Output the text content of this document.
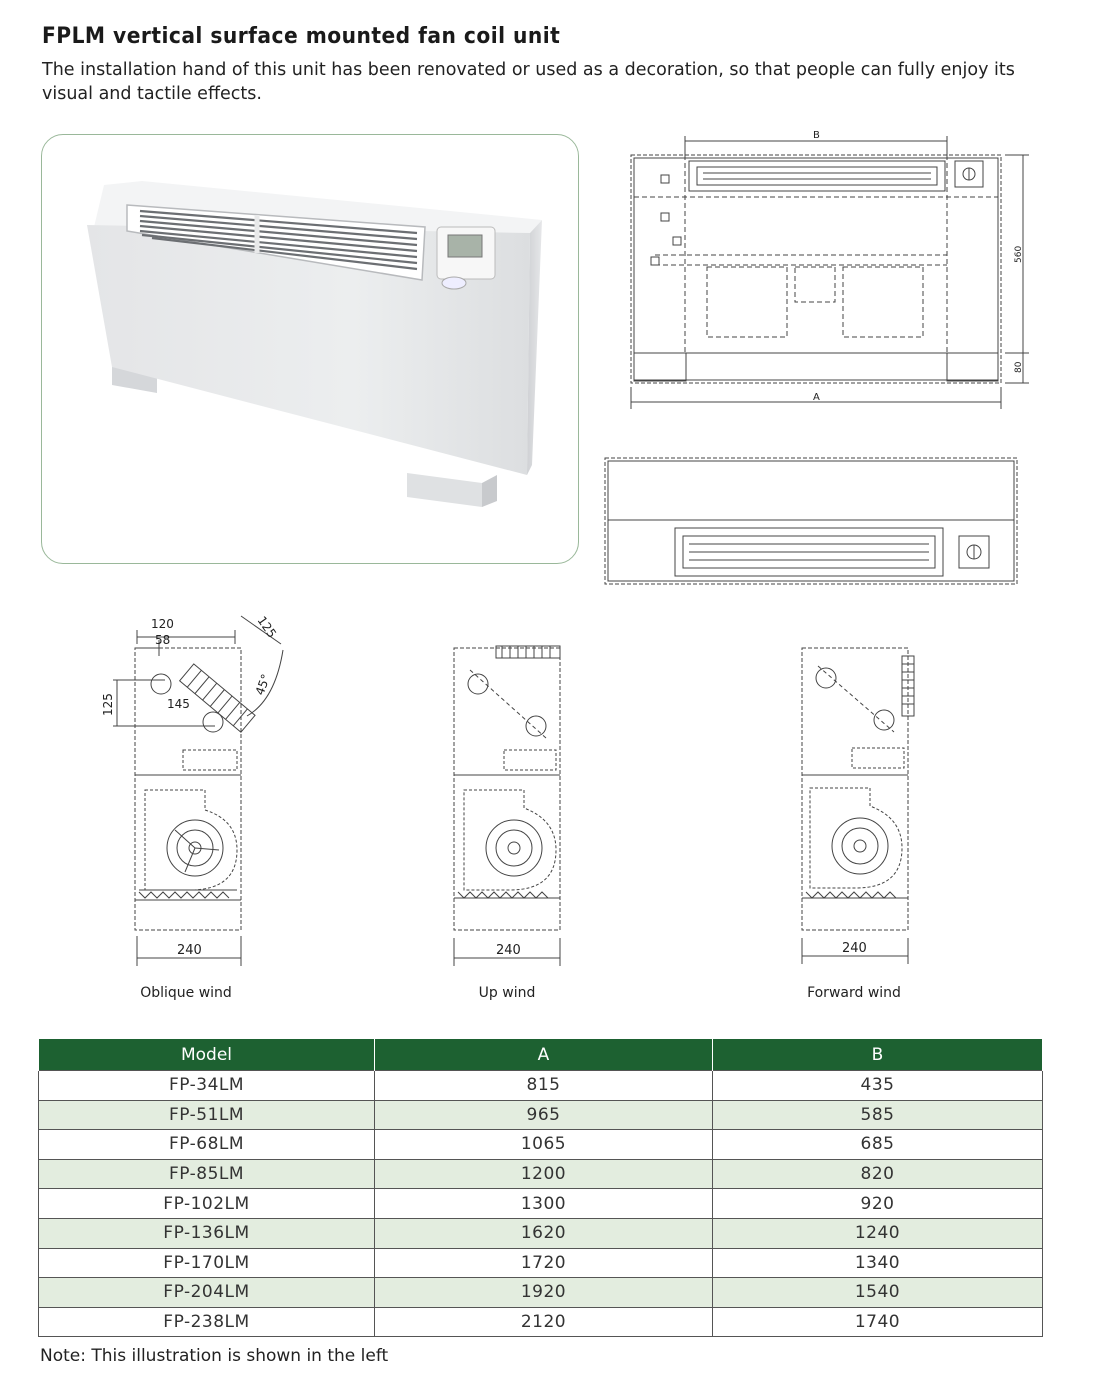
FPLM vertical surface mounted fan coil unit
The installation hand of this unit has been renovated or used as a decoration, so that people can fully enjoy its visual and tactile effects.
B
A
560
80
120
58	125
145
125
45°
240	240	240
Oblique wind	Up wind	Forward wind
Model	A	B
FP-34LM	815	435
FP-51LM	965	585
FP-68LM	1065	685
FP-85LM	1200	820
FP-102LM	1300	920
FP-136LM	1620	1240
FP-170LM	1720	1340
FP-204LM	1920	1540
FP-238LM	2120	1740
Note: This illustration is shown in the left
